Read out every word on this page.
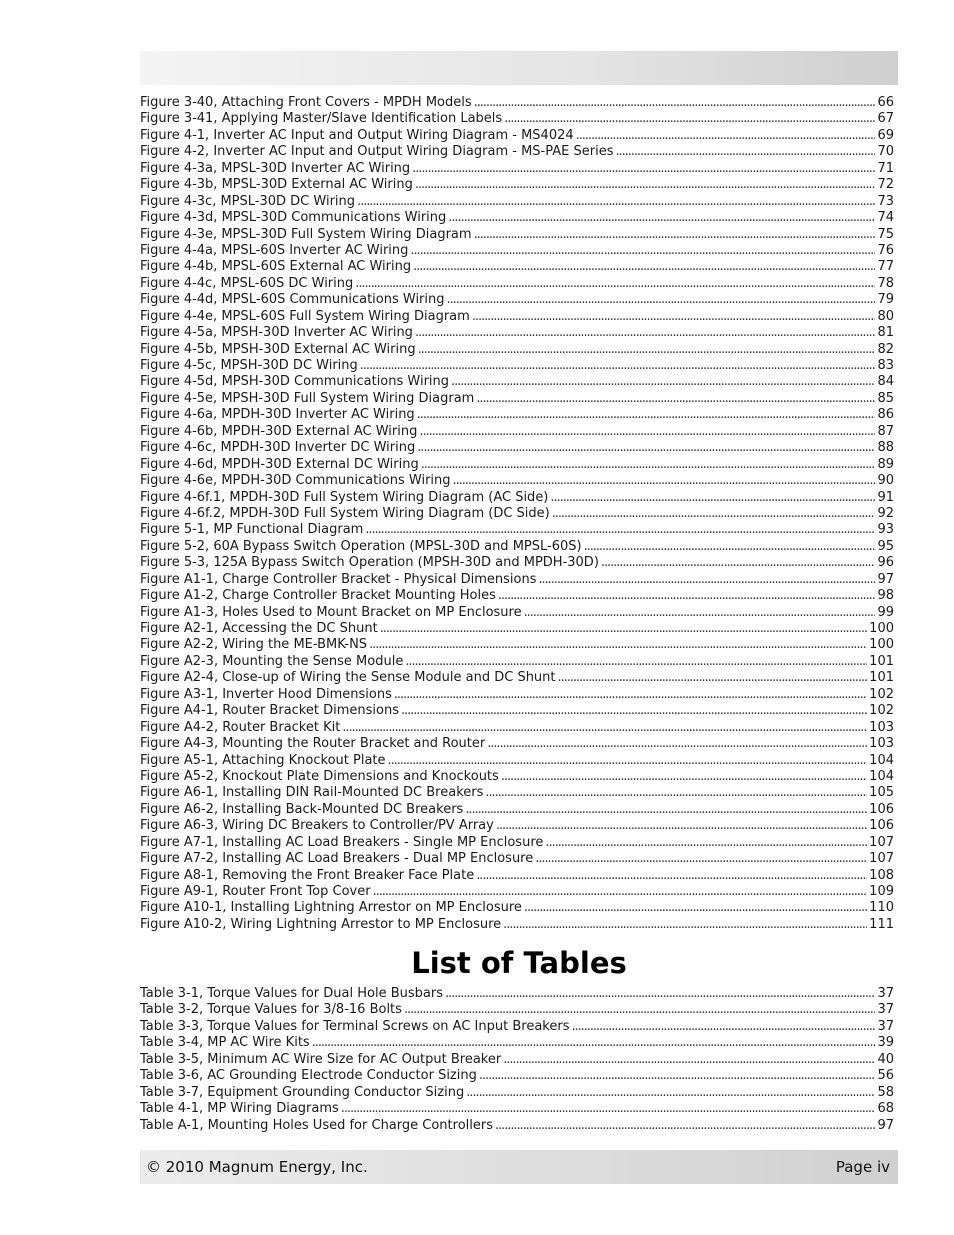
Figure 3-40, Attaching Front Covers - MPDH Models . . .	66
Figure 3-41, Applying Master/Slave Identification Labels . . .	67
Figure 4-1, Inverter AC Input and Output Wiring Diagram - MS4024 . . .	69
Figure 4-2, Inverter AC Input and Output Wiring Diagram - MS-PAE Series . . .	70
Figure 4-3a, MPSL-30D Inverter AC Wiring . . .	71
Figure 4-3b, MPSL-30D External AC Wiring . . .	72
Figure 4-3c, MPSL-30D DC Wiring . . .	73
Figure 4-3d, MPSL-30D Communications Wiring . . .	74
Figure 4-3e, MPSL-30D Full System Wiring Diagram . . .	75
Figure 4-4a, MPSL-60S Inverter AC Wiring . . .	76
Figure 4-4b, MPSL-60S External AC Wiring . . .	77
Figure 4-4c, MPSL-60S DC Wiring . . .	78
Figure 4-4d, MPSL-60S Communications Wiring . . .	79
Figure 4-4e, MPSL-60S Full System Wiring Diagram . . .	80
Figure 4-5a, MPSH-30D Inverter AC Wiring . . .	81
Figure 4-5b, MPSH-30D External AC Wiring . . .	82
Figure 4-5c, MPSH-30D DC Wiring . . .	83
Figure 4-5d, MPSH-30D Communications Wiring . . .	84
Figure 4-5e, MPSH-30D Full System Wiring Diagram . . .	85
Figure 4-6a, MPDH-30D Inverter AC Wiring . . .	86
Figure 4-6b, MPDH-30D External AC Wiring . . .	87
Figure 4-6c, MPDH-30D Inverter DC Wiring . . .	88
Figure 4-6d, MPDH-30D External DC Wiring . . .	89
Figure 4-6e, MPDH-30D Communications Wiring . . .	90
Figure 4-6f.1, MPDH-30D Full System Wiring Diagram (AC Side) . . .	91
Figure 4-6f.2, MPDH-30D Full System Wiring Diagram (DC Side) . . .	92
Figure 5-1, MP Functional Diagram . . .	93
Figure 5-2, 60A Bypass Switch Operation (MPSL-30D and MPSL-60S) . . .	95
Figure 5-3, 125A Bypass Switch Operation (MPSH-30D and MPDH-30D) . . .	96
Figure A1-1, Charge Controller Bracket - Physical Dimensions . . .	97
Figure A1-2, Charge Controller Bracket Mounting Holes . . .	98
Figure A1-3, Holes Used to Mount Bracket on MP Enclosure . . .	99
Figure A2-1, Accessing the DC Shunt . . .	100
Figure A2-2, Wiring the ME-BMK-NS . . .	100
Figure A2-3, Mounting the Sense Module . . .	101
Figure A2-4, Close-up of Wiring the Sense Module and DC Shunt . . .	101
Figure A3-1, Inverter Hood Dimensions . . .	102
Figure A4-1, Router Bracket Dimensions . . .	102
Figure A4-2, Router Bracket Kit . . .	103
Figure A4-3, Mounting the Router Bracket and Router . . .	103
Figure A5-1, Attaching Knockout Plate . . .	104
Figure A5-2, Knockout Plate Dimensions and Knockouts . . .	104
Figure A6-1, Installing DIN Rail-Mounted DC Breakers . . .	105
Figure A6-2, Installing Back-Mounted DC Breakers . . .	106
Figure A6-3, Wiring DC Breakers to Controller/PV Array . . .	106
Figure A7-1, Installing AC Load Breakers - Single MP Enclosure . . .	107
Figure A7-2, Installing AC Load Breakers - Dual MP Enclosure . . .	107
Figure A8-1, Removing the Front Breaker Face Plate . . .	108
Figure A9-1, Router Front Top Cover . . .	109
Figure A10-1, Installing Lightning Arrestor on MP Enclosure . . .	110
Figure A10-2, Wiring Lightning Arrestor to MP Enclosure . . .	111
List of Tables
Table 3-1, Torque Values for Dual Hole Busbars . . .	37
Table 3-2, Torque Values for 3/8-16 Bolts . . .	37
Table 3-3, Torque Values for Terminal Screws on AC Input Breakers . . .	37
Table 3-4, MP AC Wire Kits . . .	39
Table 3-5, Minimum AC Wire Size for AC Output Breaker . . .	40
Table 3-6, AC Grounding Electrode Conductor Sizing . . .	56
Table 3-7, Equipment Grounding Conductor Sizing . . .	58
Table 4-1, MP Wiring Diagrams . . .	68
Table A-1, Mounting Holes Used for Charge Controllers . . .	97
© 2010 Magnum Energy, Inc.	Page iv
